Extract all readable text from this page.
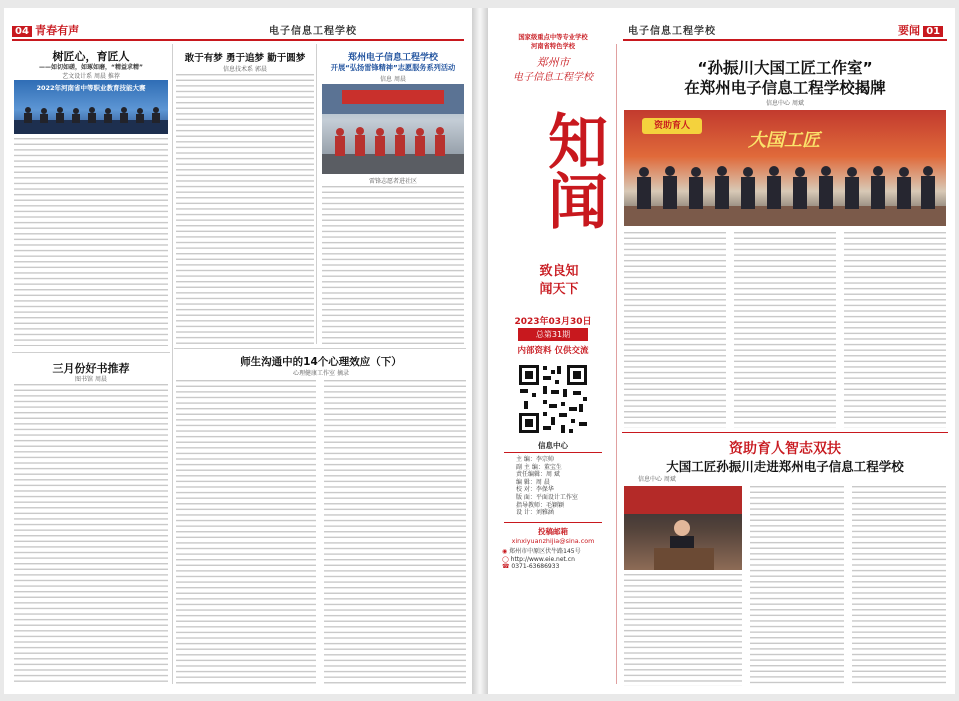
04 青春有声	电子信息工程学校
树匠心，育匠人
——如切如磋，如琢如磨，“精益求精”
艺文设计系 周晨 推荐
2022年河南省中等职业教育技能大赛
三月份好书推荐
图书馆 周晨
敢于有梦 勇于追梦 勤于圆梦
信息技术系 郭晨
郑州电子信息工程学校
开展“弘扬雷锋精神”志愿服务系列活动
信息 周晨
雷锋志愿者进社区
师生沟通中的14个心理效应（下）
心理健康工作室 摘录
电子信息工程学校	要闻 01
国家级重点中等专业学校
河南省特色学校
郑州市
电子信息工程学校
知闻
致良知
闻天下
2023年03月30日
总第31期
内部资料 仅供交流
信息中心
主 编：李宗帅
副 主 编：董宝生
责任编辑：周 斌
编 辑：周 晨
校 对：李保华
版 面：平面设计工作室
指导教师：毛颖颖
设 计：刘雅涵
投稿邮箱
xinxiyuanzhijia@sina.com
◉ 郑州市中原区伏牛路145号
◯ http://www.eie.net.cn
☎ 0371-63686933
“孙振川大国工匠工作室”
在郑州电子信息工程学校揭牌
信息中心 周斌
资助育人
大国工匠
资助育人智志双扶
大国工匠孙振川走进郑州电子信息工程学校
信息中心 周斌
